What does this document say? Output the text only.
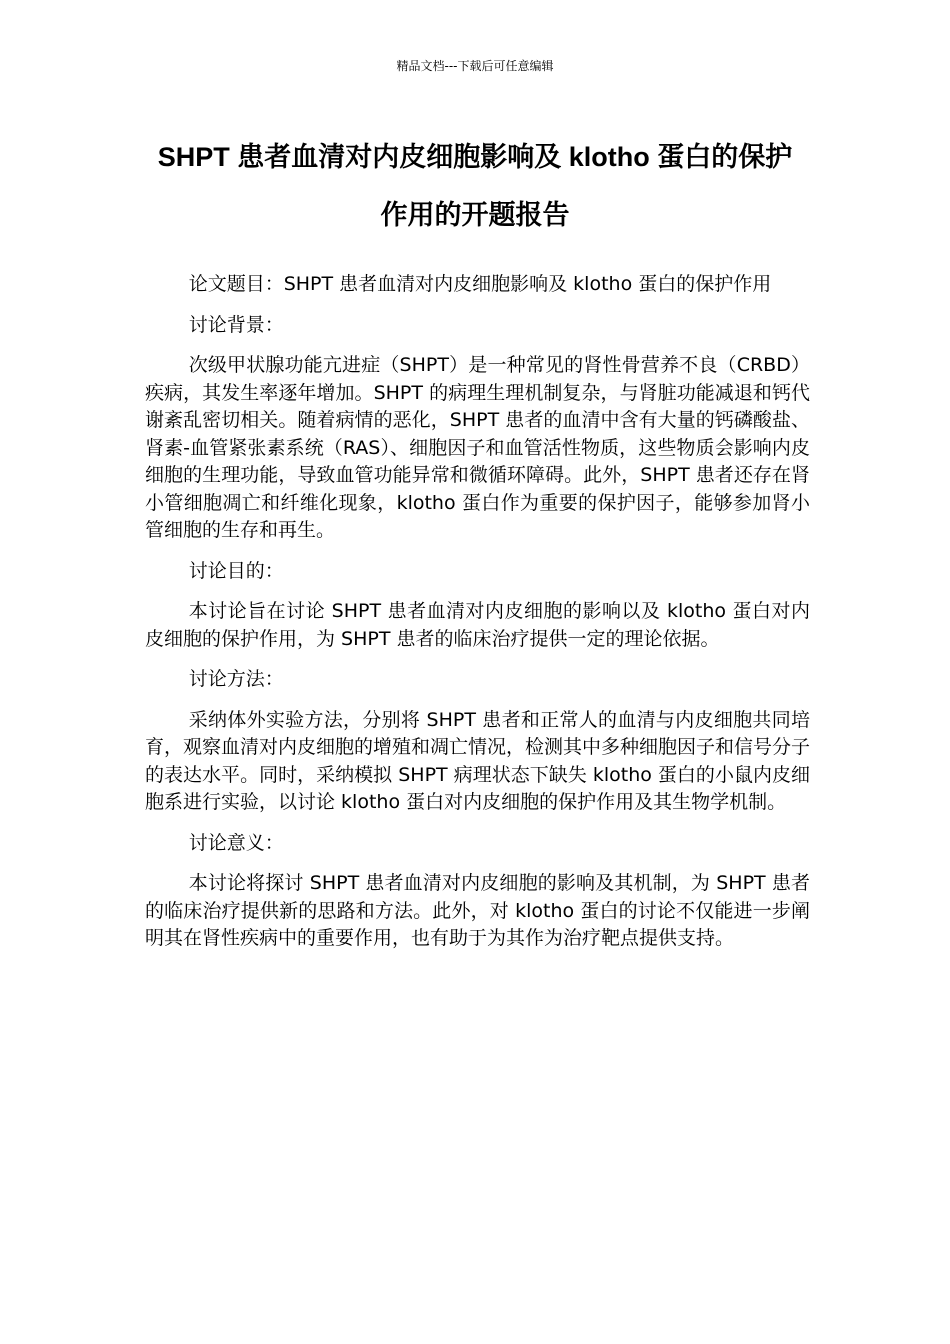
精品文档---下载后可任意编辑
SHPT 患者血清对内皮细胞影响及 klotho 蛋白的保护
作用的开题报告

论文题目：SHPT 患者血清对内皮细胞影响及 klotho 蛋白的保护作用

讨论背景：

次级甲状腺功能亢进症（SHPT）是一种常见的肾性骨营养不良（CRBD）疾病，其发生率逐年增加。SHPT 的病理生理机制复杂，与肾脏功能减退和钙代谢紊乱密切相关。随着病情的恶化，SHPT 患者的血清中含有大量的钙磷酸盐、肾素-血管紧张素系统（RAS）、细胞因子和血管活性物质，这些物质会影响内皮细胞的生理功能，导致血管功能异常和微循环障碍。此外，SHPT 患者还存在肾小管细胞凋亡和纤维化现象，klotho 蛋白作为重要的保护因子，能够参加肾小管细胞的生存和再生。

讨论目的：

本讨论旨在讨论 SHPT 患者血清对内皮细胞的影响以及 klotho 蛋白对内皮细胞的保护作用，为 SHPT 患者的临床治疗提供一定的理论依据。

讨论方法：

采纳体外实验方法，分别将 SHPT 患者和正常人的血清与内皮细胞共同培育，观察血清对内皮细胞的增殖和凋亡情况，检测其中多种细胞因子和信号分子的表达水平。同时，采纳模拟 SHPT 病理状态下缺失 klotho 蛋白的小鼠内皮细胞系进行实验，以讨论 klotho 蛋白对内皮细胞的保护作用及其生物学机制。

讨论意义：

本讨论将探讨 SHPT 患者血清对内皮细胞的影响及其机制，为 SHPT 患者的临床治疗提供新的思路和方法。此外，对 klotho 蛋白的讨论不仅能进一步阐明其在肾性疾病中的重要作用，也有助于为其作为治疗靶点提供支持。
